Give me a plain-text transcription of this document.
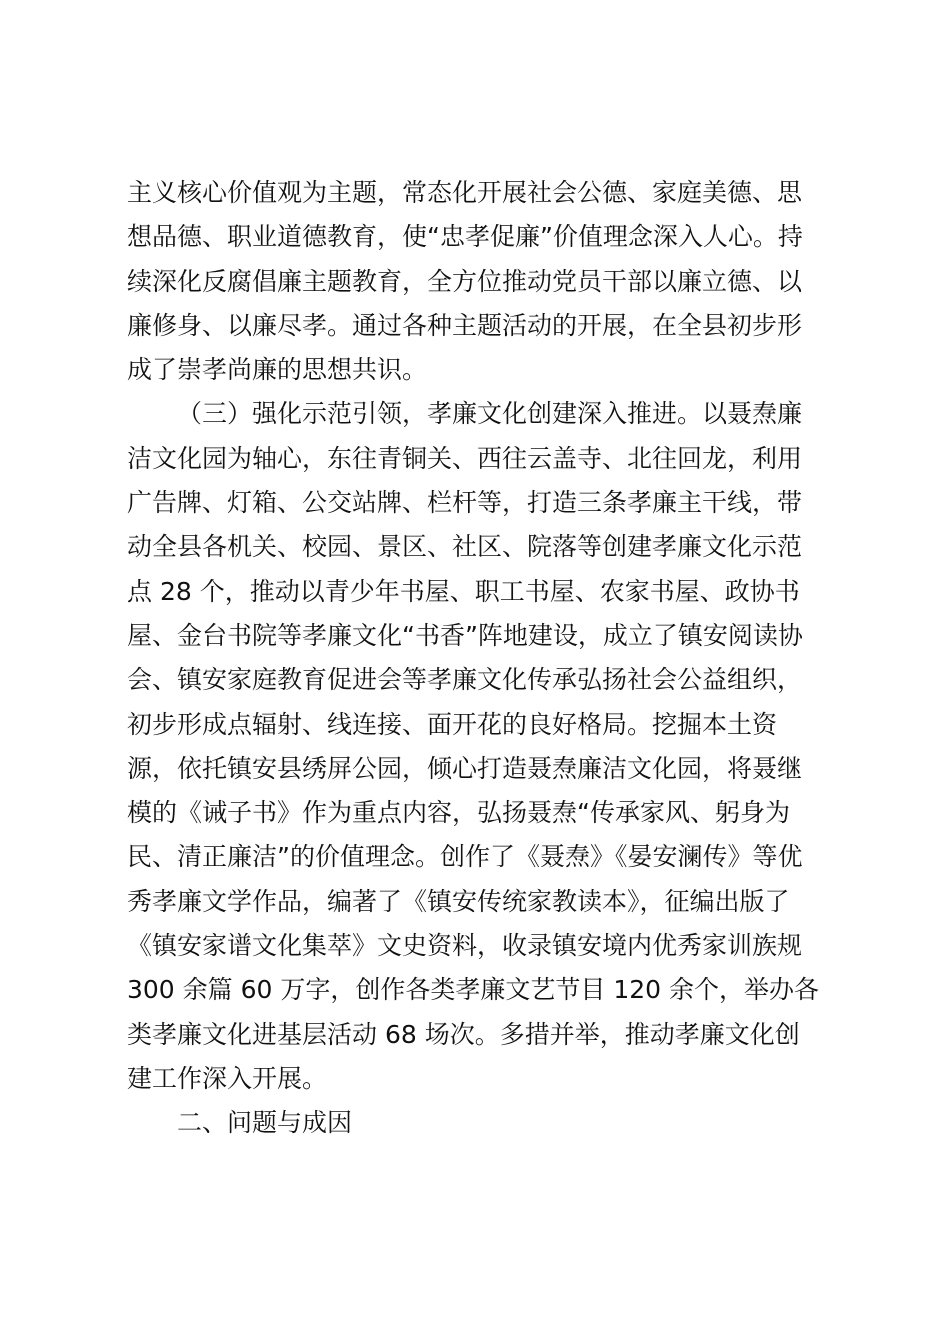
主义核心价值观为主题，常态化开展社会公德、家庭美德、思
想品德、职业道德教育，使“忠孝促廉”价值理念深入人心。持
续深化反腐倡廉主题教育，全方位推动党员干部以廉立德、以
廉修身、以廉尽孝。通过各种主题活动的开展，在全县初步形
成了崇孝尚廉的思想共识。
（三）强化示范引领，孝廉文化创建深入推进。以聂焘廉
洁文化园为轴心，东往青铜关、西往云盖寺、北往回龙，利用
广告牌、灯箱、公交站牌、栏杆等，打造三条孝廉主干线，带
动全县各机关、校园、景区、社区、院落等创建孝廉文化示范
点 28 个，推动以青少年书屋、职工书屋、农家书屋、政协书
屋、金台书院等孝廉文化“书香”阵地建设，成立了镇安阅读协
会、镇安家庭教育促进会等孝廉文化传承弘扬社会公益组织，
初步形成点辐射、线连接、面开花的良好格局。挖掘本土资
源，依托镇安县绣屏公园，倾心打造聂焘廉洁文化园，将聂继
模的《诫子书》作为重点内容，弘扬聂焘“传承家风、躬身为
民、清正廉洁”的价值理念。创作了《聂焘》《晏安澜传》等优
秀孝廉文学作品，编著了《镇安传统家教读本》，征编出版了
《镇安家谱文化集萃》文史资料，收录镇安境内优秀家训族规
300 余篇 60 万字，创作各类孝廉文艺节目 120 余个，举办各
类孝廉文化进基层活动 68 场次。多措并举，推动孝廉文化创
建工作深入开展。
二、问题与成因
